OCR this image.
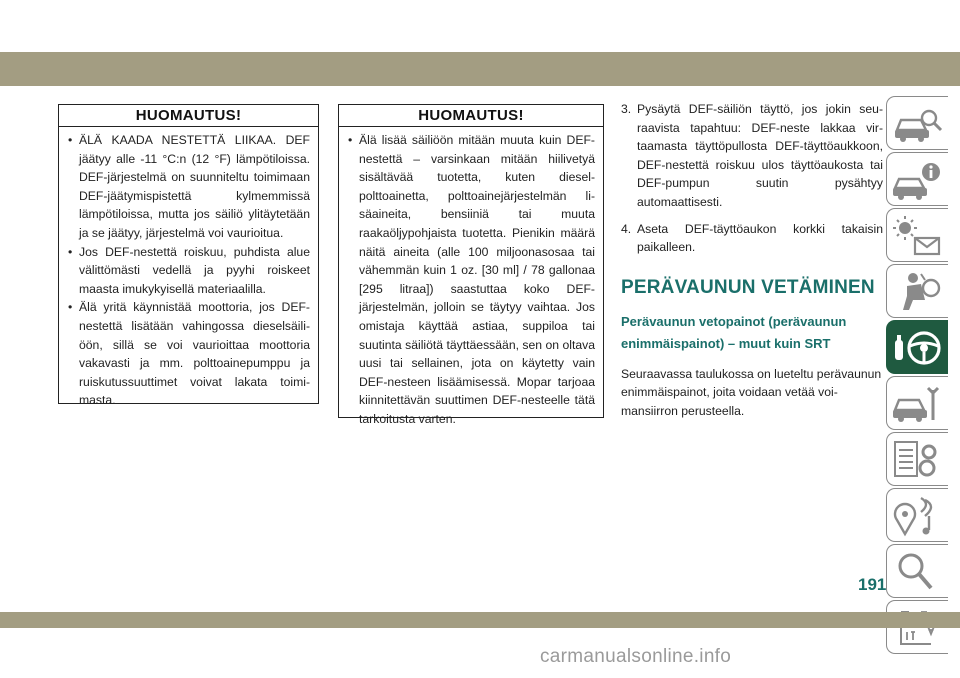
HUOMAUTUS!
• ÄLÄ KAADA NESTETTÄ LIIKAA. DEF jäätyy alle -11 °C:n (12 °F) lämpötiloissa. DEF-järjestelmä on suunniteltu toimimaan DEF-jäätymispistettä kylmemmissä lämpötiloissa, mutta jos säiliö ylitäytetään ja se jäätyy, järjestelmä voi vaurioitua.
• Jos DEF-nestettä roiskuu, puhdista alue välittömästi vedellä ja pyyhi roiskeet maasta imukykyisellä materiaalilla.
• Älä yritä käynnistää moottoria, jos DEF-nestettä lisätään vahingossa dieselsäiliöön, sillä se voi vaurioittaa moottoria vakavasti ja mm. polttoainepumppu ja ruiskutussuuttimet voivat lakata toimimasta.
HUOMAUTUS!
• Älä lisää säiliöön mitään muuta kuin DEF-nestettä – varsinkaan mitään hiilivetyä sisältävää tuotetta, kuten dieselpolttoainetta, polttoainejärjestelmän lisäaineita, bensiiniä tai muuta raakaöljypohjaista tuotetta. Pienikin määrä näitä aineita (alle 100 miljoonasosaa tai vähemmän kuin 1 oz. [30 ml] / 78 gallonaa [295 litraa]) saastuttaa koko DEF-järjestelmän, jolloin se täytyy vaihtaa. Jos omistaja käyttää astiaa, suppiloa tai suutinta säiliötä täyttäessään, sen on oltava uusi tai sellainen, jota on käytetty vain DEF-nesteen lisäämisessä. Mopar tarjoaa kiinnitettävän suuttimen DEF-nesteelle tätä tarkoitusta varten.
3. Pysäytä DEF-säiliön täyttö, jos jokin seuraavista tapahtuu: DEF-neste lakkaa virtaamasta täyttöpullosta DEF-täyttöaukkoon, DEF-nestettä roiskuu ulos täyttöaukosta tai DEF-pumpun suutin pysähtyy automaattisesti.
4. Aseta DEF-täyttöaukon korkki takaisin paikalleen.
PERÄVAUNUN VETÄMINEN
Perävaunun vetopainot (perävaunun enimmäispainot) – muut kuin SRT
Seuraavassa taulukossa on lueteltu perävaunun enimmäispainot, joita voidaan vetää voimansiirron perusteella.
191
carmanualsonline.info
